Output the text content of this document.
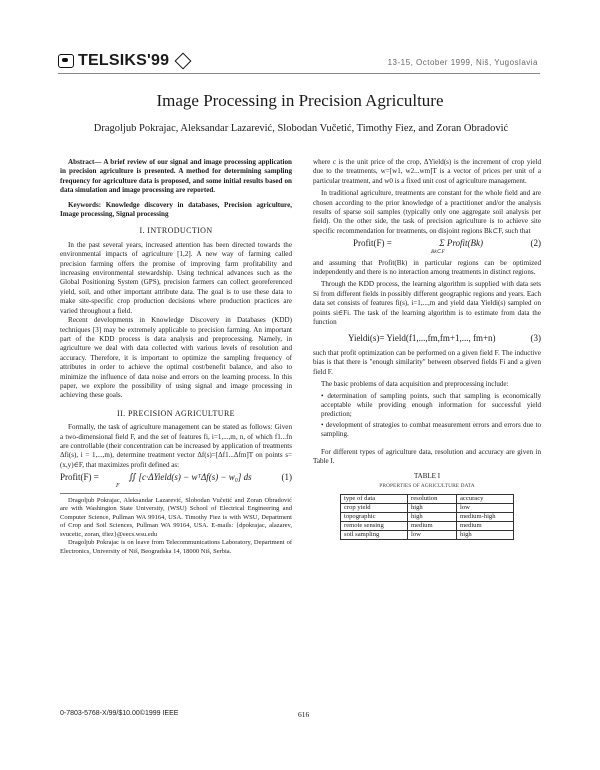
TELSIKS'99	13-15, October 1999, Niš, Yugoslavia
Image Processing in Precision Agriculture
Dragoljub Pokrajac, Aleksandar Lazarević, Slobodan Vučetić, Timothy Fiez, and Zoran Obradović

Abstract— A brief review of our signal and image processing application in precision agriculture is presented. A method for determining sampling frequency for agriculture data is proposed, and some initial results based on data simulation and image processing are reported.

Keywords: Knowledge discovery in databases, Precision agriculture, Image processing, Signal processing

I. INTRODUCTION

In the past several years, increased attention has been directed towards the environmental impacts of agriculture [1,2]. A new way of farming called precision farming offers the promise of improving farm profitability and increasing environmental stewardship. Using technical advances such as the Global Positioning System (GPS), precision farmers can collect georeferenced yield, soil, and other important attribute data. The goal is to use these data to make site-specific crop production decisions where production practices are varied throughout a field.

Recent developments in Knowledge Discovery in Databases (KDD) techniques [3] may be extremely applicable to precision farming. An important part of the KDD process is data analysis and preprocessing. Namely, in agriculture we deal with data collected with various levels of resolution and accuracy. Therefore, it is important to optimize the sampling frequency of attributes in order to achieve the optimal cost/benefit balance, and also to minimize the influence of data noise and errors on the learning process. In this paper, we explore the possibility of using signal and image processing in achieving these goals.

II. PRECISION AGRICULTURE

Formally, the task of agriculture management can be stated as follows: Given a two-dimensional field F, and the set of features fi, i=1,...,m, n, of which f1...fn are controllable (their concentration can be increased by application of treatments Δfi(s), i = 1,...,m), determine treatment vector Δf(s)=[Δf1...Δfm]T on points s=(x,y)∈F, that maximizes profit defined as:

Profit(F) =	∬ [c·ΔYield(s) − wᵀΔf(s) − w₀] ds	(1)
F

Dragoljub Pokrajac, Aleksandar Lazarević, Slobodan Vučetić and Zoran Obradović are with Washington State University, (WSU) School of Electrical Engineering and Computer Science, Pullman WA 99164, USA. Timothy Fiez is with WSU, Department of Crop and Soil Sciences, Pullman WA 99164, USA. E-mails: {dpokrajac, alazarev, svucetic, zoran, tfiez}@eecs.wsu.edu

Dragoljub Pokrajac is on leave from Telecommunications Laboratory, Department of Electronics, University of Niš, Beogradska 14, 18000 Niš, Serbia.

where c is the unit price of the crop, ΔYield(s) is the increment of crop yield due to the treatments, w=[w1, w2...wm]T is a vector of prices per unit of a particular treatment, and w0 is a fixed unit cost of agriculture management.

In traditional agriculture, treatments are constant for the whole field and are chosen according to the prior knowledge of a practitioner and/or the analysis results of sparse soil samples (typically only one aggregate soil analysis per field). On the other side, the task of precision agriculture is to achieve site specific recommendation for treatments, on disjoint regions Bk⊂F, such that

Profit(F) =	Σ Profit(Bk)	(2)
Bk⊂F

and assuming that Profit(Bk) in particular regions can be optimized independently and there is no interaction among treatments in distinct regions.

Through the KDD process, the learning algorithm is supplied with data sets Si from different fields in possibly different geographic regions and years. Each data set consists of features fi(s), i=1,...,m and yield data Yieldi(s) sampled on points si∈Fi. The task of the learning algorithm is to estimate from data the function

Yieldi(s)= Yield(f1,...,fm,fm+1,..., fm+n)	(3)

such that profit optimization can be performed on a given field F. The inductive bias is that there is "enough similarity" between observed fields Fi and a given field F.

The basic problems of data acquisition and preprocessing include:

• determination of sampling points, such that sampling is economically acceptable while providing enough information for successful yield prediction;

• development of strategies to combat measurement errors and errors due to sampling.

For different types of agriculture data, resolution and accuracy are given in Table I.

TABLE I
PROPERTIES OF AGRICULTURE DATA
type of data	resolution	accuracy
crop yield	high	low
topographic	high	medium-high
remote sensing	medium	medium
soil sampling	low	high
0-7803-5768-X/99/$10.00©1999 IEEE	616
